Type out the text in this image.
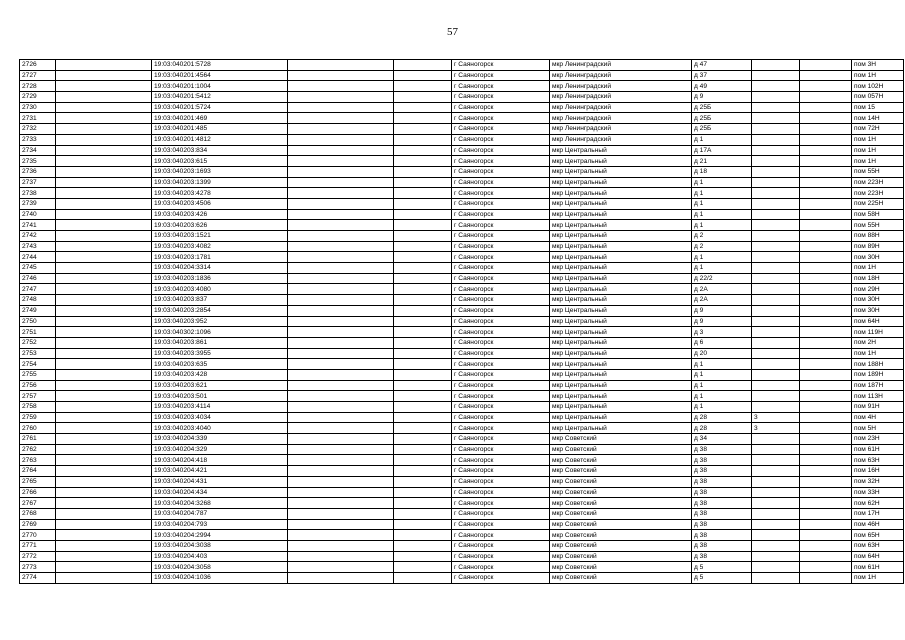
57
2726		19:03:040201:5728			г Саяногорск	мкр Ленинградский	д 47			пом 3Н
2727		19:03:040201:4564			г Саяногорск	мкр Ленинградский	д 37			пом 1Н
2728		19:03:040201:1004			г Саяногорск	мкр Ленинградский	д 49			пом 102Н
2729		19:03:040201:5412			г Саяногорск	мкр Ленинградский	д 9			пом 057Н
2730		19:03:040201:5724			г Саяногорск	мкр Ленинградский	д 25Б			пом 15
2731		19:03:040201:469			г Саяногорск	мкр Ленинградский	д 25Б			пом 14Н
2732		19:03:040201:485			г Саяногорск	мкр Ленинградский	д 25Б			пом 72Н
2733		19:03:040201:4812			г Саяногорск	мкр Ленинградский	д 1			пом 1Н
2734		19:03:040203:834			г Саяногорск	мкр Центральный	д 17А			пом 1Н
2735		19:03:040203:615			г Саяногорск	мкр Центральный	д 21			пом 1Н
2736		19:03:040203:1693			г Саяногорск	мкр Центральный	д 18			пом 55Н
2737		19:03:040203:1399			г Саяногорск	мкр Центральный	д 1			пом 223Н
2738		19:03:040203:4278			г Саяногорск	мкр Центральный	д 1			пом 223Н
2739		19:03:040203:4506			г Саяногорск	мкр Центральный	д 1			пом 225Н
2740		19:03:040203:426			г Саяногорск	мкр Центральный	д 1			пом 58Н
2741		19:03:040203:626			г Саяногорск	мкр Центральный	д 1			пом 55Н
2742		19:03:040203:1521			г Саяногорск	мкр Центральный	д 2			пом 88Н
2743		19:03:040203:4082			г Саяногорск	мкр Центральный	д 2			пом 89Н
2744		19:03:040203:1781			г Саяногорск	мкр Центральный	д 1			пом 30Н
2745		19:03:040204:3314			г Саяногорск	мкр Центральный	д 1			пом 1Н
2746		19:03:040203:1836			г Саяногорск	мкр Центральный	д 22/2			пом 18Н
2747		19:03:040203:4080			г Саяногорск	мкр Центральный	д 2А			пом 29Н
2748		19:03:040203:837			г Саяногорск	мкр Центральный	д 2А			пом 30Н
2749		19:03:040203:2854			г Саяногорск	мкр Центральный	д 9			пом 30Н
2750		19:03:040203:952			г Саяногорск	мкр Центральный	д 9			пом 64Н
2751		19:03:040302:1096			г Саяногорск	мкр Центральный	д 3			пом 119Н
2752		19:03:040203:861			г Саяногорск	мкр Центральный	д 6			пом 2Н
2753		19:03:040203:3955			г Саяногорск	мкр Центральный	д 20			пом 1Н
2754		19:03:040203:635			г Саяногорск	мкр Центральный	д 1			пом 188Н
2755		19:03:040203:428			г Саяногорск	мкр Центральный	д 1			пом 189Н
2756		19:03:040203:621			г Саяногорск	мкр Центральный	д 1			пом 187Н
2757		19:03:040203:501			г Саяногорск	мкр Центральный	д 1			пом 113Н
2758		19:03:040203:4114			г Саяногорск	мкр Центральный	д 1			пом 91Н
2759		19:03:040203:4034			г Саяногорск	мкр Центральный	д 28	3		пом 4Н
2760		19:03:040203:4040			г Саяногорск	мкр Центральный	д 28	3		пом 5Н
2761		19:03:040204:339			г Саяногорск	мкр Советский	д 34			пом 23Н
2762		19:03:040204:329			г Саяногорск	мкр Советский	д 38			пом 61Н
2763		19:03:040204:418			г Саяногорск	мкр Советский	д 38			пом 63Н
2764		19:03:040204:421			г Саяногорск	мкр Советский	д 38			пом 16Н
2765		19:03:040204:431			г Саяногорск	мкр Советский	д 38			пом 32Н
2766		19:03:040204:434			г Саяногорск	мкр Советский	д 38			пом 33Н
2767		19:03:040204:3268			г Саяногорск	мкр Советский	д 38			пом 62Н
2768		19:03:040204:787			г Саяногорск	мкр Советский	д 38			пом 17Н
2769		19:03:040204:793			г Саяногорск	мкр Советский	д 38			пом 46Н
2770		19:03:040204:2994			г Саяногорск	мкр Советский	д 38			пом 65Н
2771		19:03:040204:3038			г Саяногорск	мкр Советский	д 38			пом 63Н
2772		19:03:040204:403			г Саяногорск	мкр Советский	д 38			пом 64Н
2773		19:03:040204:3058			г Саяногорск	мкр Советский	д 5			пом 61Н
2774		19:03:040204:1036			г Саяногорск	мкр Советский	д 5			пом 1Н
